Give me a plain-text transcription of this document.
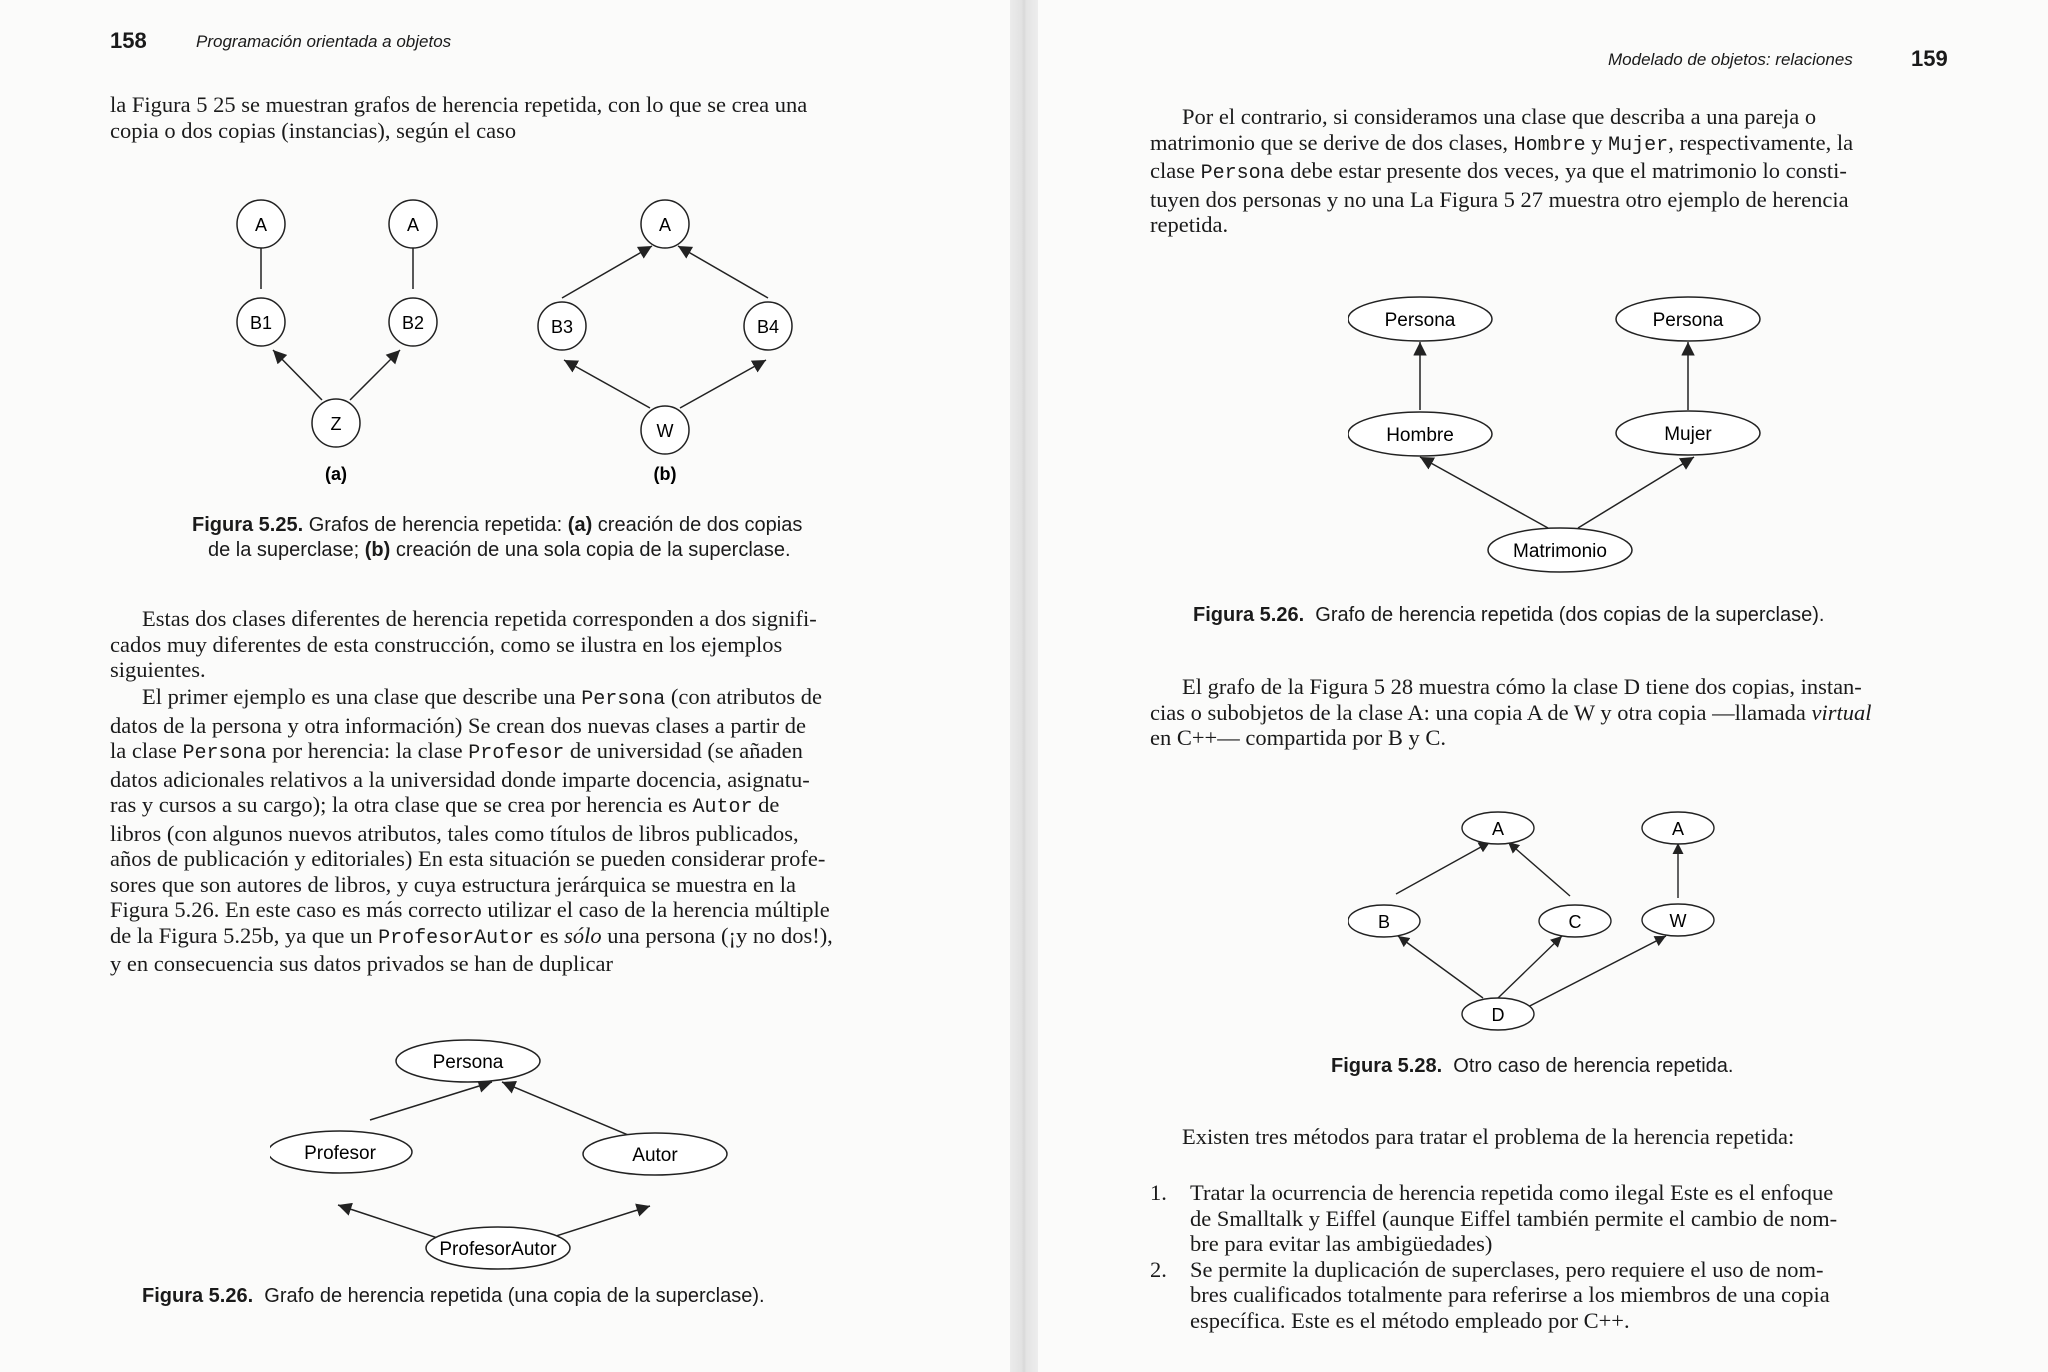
158	Programación orientada a objetos

la Figura 5 25 se muestran grafos de herencia repetida, con lo que se crea una

copia o dos copias (instancias), según el caso

A	A
B1	B2
Z
A
B3	B4
W
(a)	(b)
Figura 5.25. Grafos de herencia repetida: (a) creación de dos copias
de la superclase; (b) creación de una sola copia de la superclase.

Estas dos clases diferentes de herencia repetida corresponden a dos signifi-

cados muy diferentes de esta construcción, como se ilustra en los ejemplos

siguientes.

El primer ejemplo es una clase que describe una Persona (con atributos de

datos de la persona y otra información) Se crean dos nuevas clases a partir de

la clase Persona por herencia: la clase Profesor de universidad (se añaden

datos adicionales relativos a la universidad donde imparte docencia, asignatu-

ras y cursos a su cargo); la otra clase que se crea por herencia es Autor de

libros (con algunos nuevos atributos, tales como títulos de libros publicados,

años de publicación y editoriales) En esta situación se pueden considerar profe-

sores que son autores de libros, y cuya estructura jerárquica se muestra en la

Figura 5.26. En este caso es más correcto utilizar el caso de la herencia múltiple

de la Figura 5.25b, ya que un ProfesorAutor es sólo una persona (¡y no dos!),

y en consecuencia sus datos privados se han de duplicar

Persona
Profesor	Autor
ProfesorAutor
Figura 5.26. Grafo de herencia repetida (una copia de la superclase).
Modelado de objetos: relaciones	159

Por el contrario, si consideramos una clase que describa a una pareja o

matrimonio que se derive de dos clases, Hombre y Mujer, respectivamente, la

clase Persona debe estar presente dos veces, ya que el matrimonio lo consti-

tuyen dos personas y no una La Figura 5 27 muestra otro ejemplo de herencia

repetida.

Persona	Persona
Hombre	Mujer
Matrimonio
Figura 5.26. Grafo de herencia repetida (dos copias de la superclase).

El grafo de la Figura 5 28 muestra cómo la clase D tiene dos copias, instan-

cias o subobjetos de la clase A: una copia A de W y otra copia —llamada virtual

en C++— compartida por B y C.

A	A
B	C	W
D
Figura 5.28. Otro caso de herencia repetida.

Existen tres métodos para tratar el problema de la herencia repetida:

1.	Tratar la ocurrencia de herencia repetida como ilegal Este es el enfoque

de Smalltalk y Eiffel (aunque Eiffel también permite el cambio de nom-

bre para evitar las ambigüedades)

2.	Se permite la duplicación de superclases, pero requiere el uso de nom-

bres cualificados totalmente para referirse a los miembros de una copia

específica. Este es el método empleado por C++.
